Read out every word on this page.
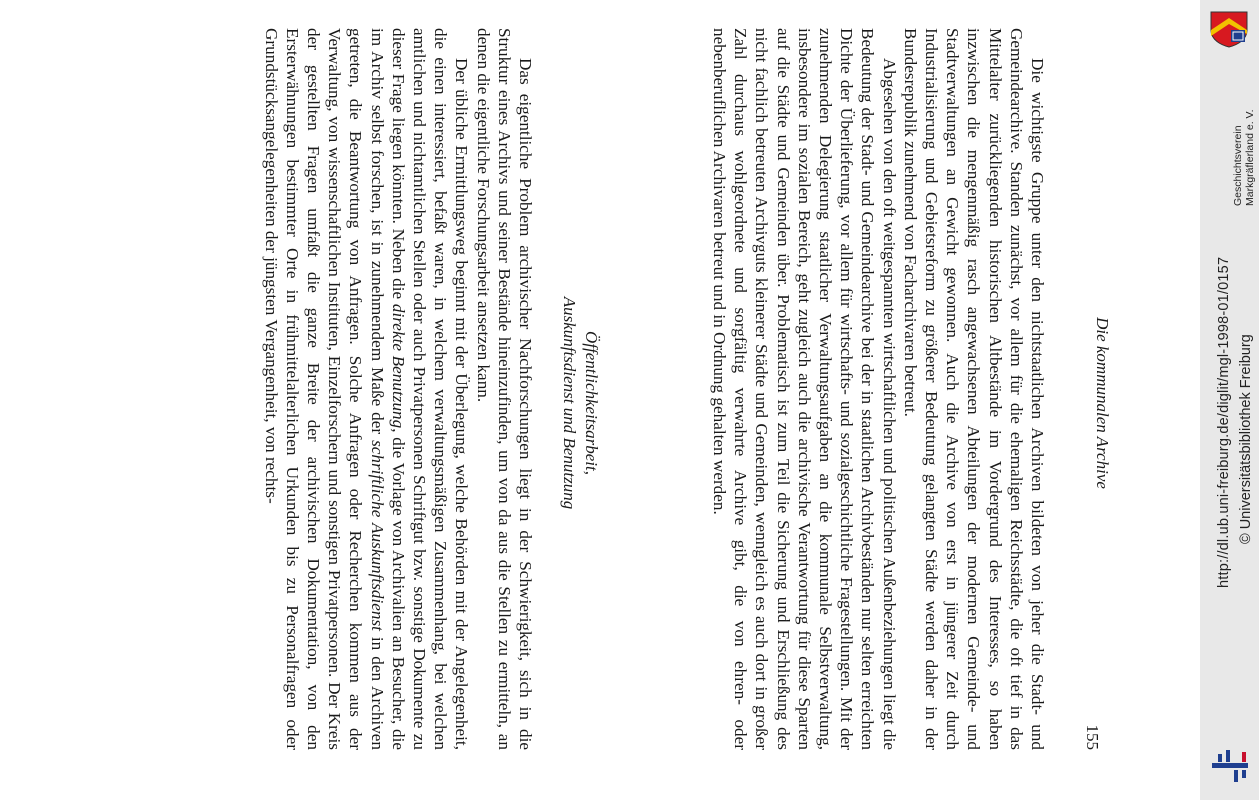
Die kommunalen Archive
155

Die wichtigste Gruppe unter den nichtstaatlichen Archiven bildeten von jeher die Stadt- und Gemeindearchive. Standen zunächst, vor allem für die ehemaligen Reichsstädte, die oft tief in das Mittelalter zurückliegenden historischen Altbestände im Vordergrund des Interesses, so haben inzwischen die mengenmäßig rasch angewachsenen Abteilungen der modernen Gemeinde- und Stadtverwaltungen an Gewicht gewonnen. Auch die Archive von erst in jüngerer Zeit durch Industrialisierung und Gebietsreform zu größerer Bedeutung gelangten Städte werden daher in der Bundesrepublik zunehmend von Facharchivaren betreut.

Abgesehen von den oft weitgespannten wirtschaftlichen und politischen Außenbeziehungen liegt die Bedeutung der Stadt- und Gemeindearchive bei der in staatlichen Archivbeständen nur selten erreichten Dichte der Überlieferung, vor allem für wirtschafts- und sozialgeschichtliche Fragestellungen. Mit der zunehmenden Delegierung staatlicher Verwaltungsaufgaben an die kommunale Selbstverwaltung, insbesondere im sozialen Bereich, geht zugleich auch die archivische Verantwortung für diese Sparten auf die Städte und Gemeinden über. Problematisch ist zum Teil die Sicherung und Erschließung des nicht fachlich betreuten Archivguts kleinerer Städte und Gemeinden, wenngleich es auch dort in großer Zahl durchaus wohlgeordnete und sorgfältig verwahrte Archive gibt, die von ehren- oder nebenberuflichen Archivaren betreut und in Ordnung gehalten werden.

Öffentlichkeitsarbeit,
Auskunftsdienst und Benutzung

Das eigentliche Problem archivischer Nachforschungen liegt in der Schwierigkeit, sich in die Struktur eines Archivs und seiner Bestände hineinzufinden, um von da aus die Stellen zu ermitteln, an denen die eigentliche Forschungsarbeit ansetzen kann.

Der übliche Ermittlungsweg beginnt mit der Überlegung, welche Behörden mit der Angelegenheit, die einen interessiert, befaßt waren, in welchem verwaltungsmäßigen Zusammenhang, bei welchen amtlichen und nichtamtlichen Stellen oder auch Privatpersonen Schriftgut bzw. sonstige Dokumente zu dieser Frage liegen könnten. Neben die direkte Benutzung, die Vorlage von Archivalien an Besucher, die im Archiv selbst forschen, ist in zunehmendem Maße der schriftliche Auskunftsdienst in den Archiven getreten, die Beantwortung von Anfragen. Solche Anfragen oder Recherchen kommen aus der Verwaltung, von wissenschaftlichen Instituten, Einzelforschern und sonstigen Privatpersonen. Der Kreis der gestellten Fragen umfaßt die ganze Breite der archivischen Dokumentation, von den Ersterwähnungen bestimmter Orte in frühmittelalterlichen Urkunden bis zu Personalfragen oder Grundstücksangelegenheiten der jüngsten Vergangenheit, von rechts-	Geschichtsverein Markgräflerland e. V.
http://dl.ub.uni-freiburg.de/diglit/mgl-1998-01/0157 © Universitätsbibliothek Freiburg
